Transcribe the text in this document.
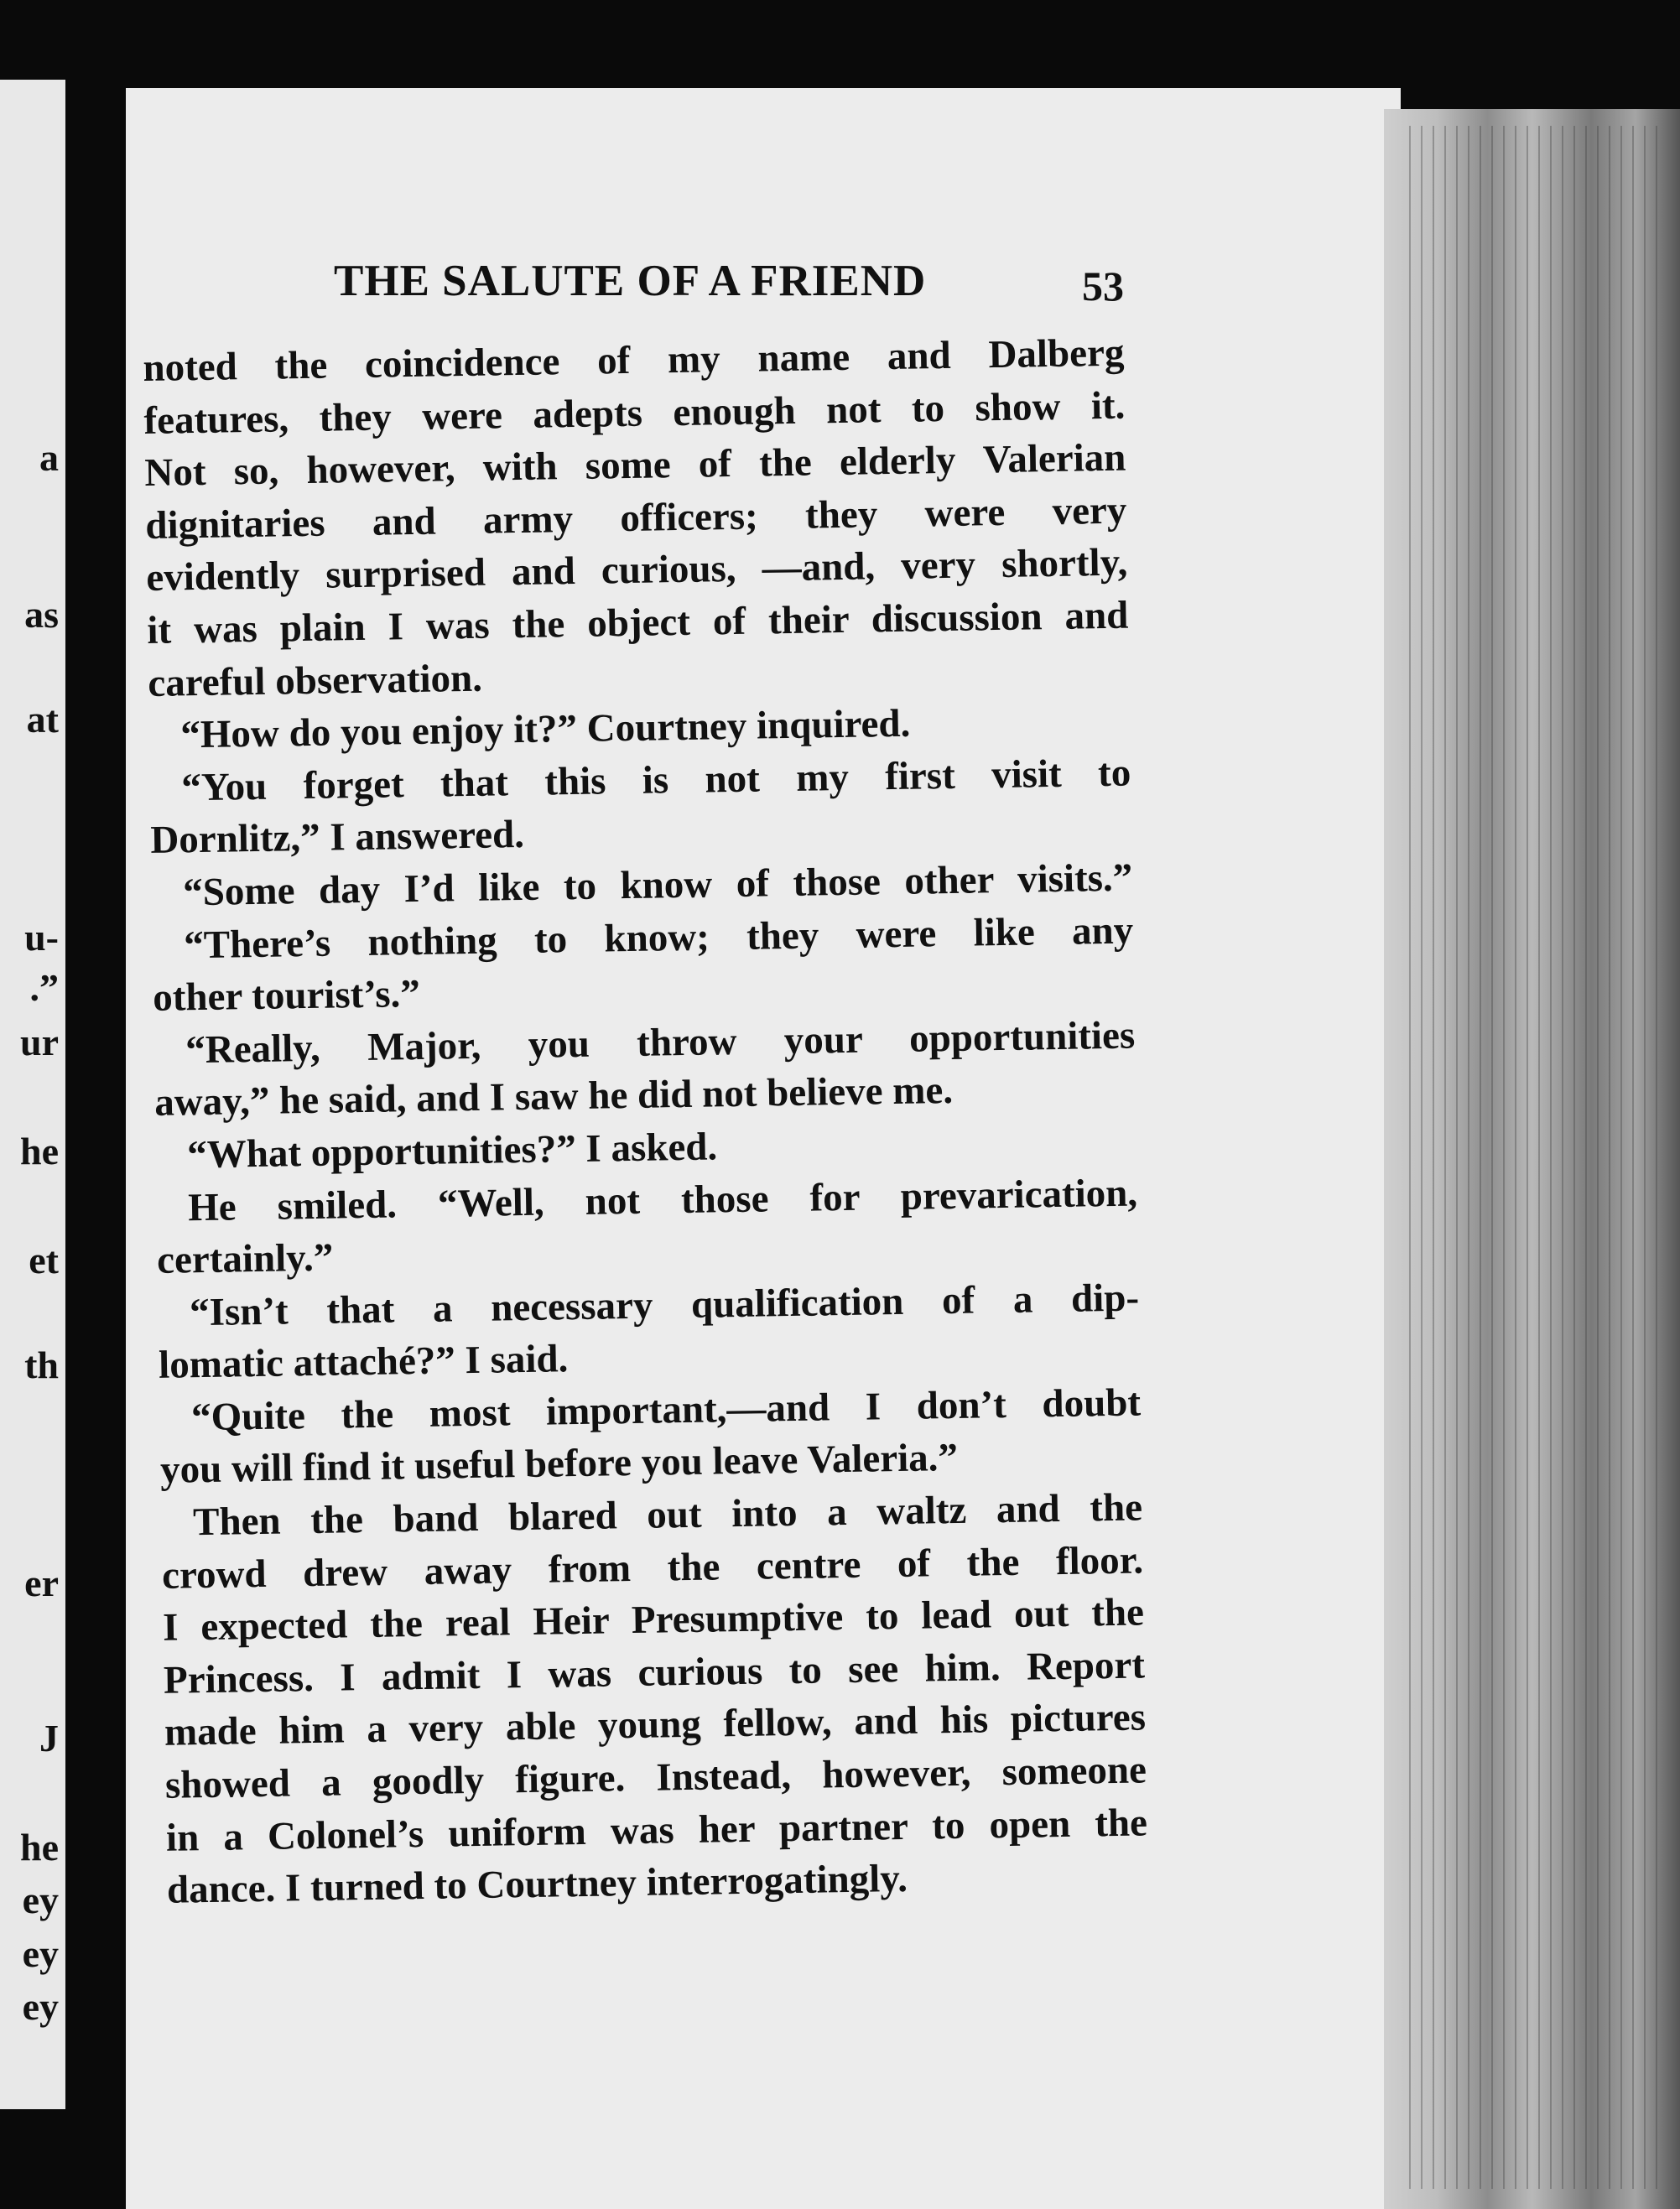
a
as
at
u-
.”
ur
he
et
th
er
J
he
ey
ey
ey
THE SALUTE OF A FRIEND	53
noted the coincidence of my name and Dalberg
features, they were adepts enough not to show it.
Not so, however, with some of the elderly Valerian
dignitaries and army officers; they were very
evidently surprised and curious, —and, very shortly,
it was plain I was the object of their discussion and
careful observation.
“How do you enjoy it?” Courtney inquired.
“You forget that this is not my first visit to
Dornlitz,” I answered.
“Some day I’d like to know of those other visits.”
“There’s nothing to know; they were like any
other tourist’s.”
“Really, Major, you throw your opportunities
away,” he said, and I saw he did not believe me.
“What opportunities?” I asked.
He smiled. “Well, not those for prevarication,
certainly.”
“Isn’t that a necessary qualification of a dip-
lomatic attaché?” I said.
“Quite the most important,—and I don’t doubt
you will find it useful before you leave Valeria.”
Then the band blared out into a waltz and the
crowd drew away from the centre of the floor.
I expected the real Heir Presumptive to lead out the
Princess. I admit I was curious to see him. Report
made him a very able young fellow, and his pictures
showed a goodly figure. Instead, however, someone
in a Colonel’s uniform was her partner to open the
dance. I turned to Courtney interrogatingly.
